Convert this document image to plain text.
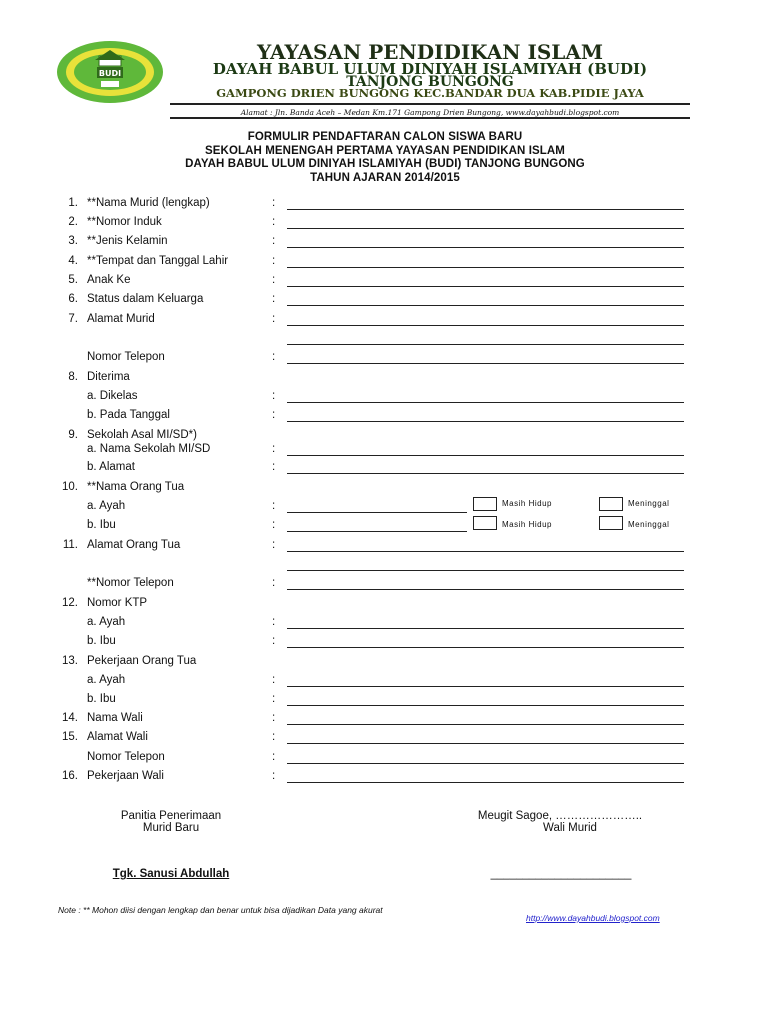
BUDI
YAYASAN PENDIDIKAN ISLAM
DAYAH BABUL ULUM DINIYAH ISLAMIYAH (BUDI)
TANJONG BUNGONG
GAMPONG DRIEN BUNGONG KEC.BANDAR DUA KAB.PIDIE JAYA
Alamat : Jln. Banda Aceh – Medan Km.171 Gampong Drien Bungong, www.dayahbudi.blogspot.com
FORMULIR PENDAFTARAN CALON SISWA BARU
SEKOLAH MENENGAH PERTAMA YAYASAN PENDIDIKAN ISLAM
DAYAH BABUL ULUM DINIYAH ISLAMIYAH (BUDI) TANJONG BUNGONG
TAHUN AJARAN 2014/2015
1. **Nama Murid (lengkap)	:
2. **Nomor Induk	:
3. **Jenis Kelamin	:
4. **Tempat dan Tanggal Lahir	:
5. Anak Ke	:
6. Status dalam Keluarga	:
7. Alamat Murid	:
Nomor Telepon	:
8. Diterima
a. Dikelas	:
b. Pada Tanggal	:
9. Sekolah Asal MI/SD*)
a. Nama Sekolah MI/SD	:
b. Alamat	:
10. **Nama Orang Tua
a. Ayah	:	Masih Hidup	Meninggal
b. Ibu	:	Masih Hidup	Meninggal
11. Alamat Orang Tua	:
**Nomor Telepon	:
12. Nomor KTP
a. Ayah	:
b. Ibu	:
13. Pekerjaan Orang Tua
a. Ayah	:
b. Ibu	:
14. Nama Wali	:
15. Alamat Wali	:
Nomor Telepon	:
16. Pekerjaan Wali	:
Panitia Penerimaan
Murid Baru
Tgk. Sanusi Abdullah
Meugit Sagoe, …………………..
Wali Murid
______________________
Note : ** Mohon diisi dengan lengkap dan benar untuk bisa dijadikan Data yang akurat
http://www.dayahbudi.blogspot.com
